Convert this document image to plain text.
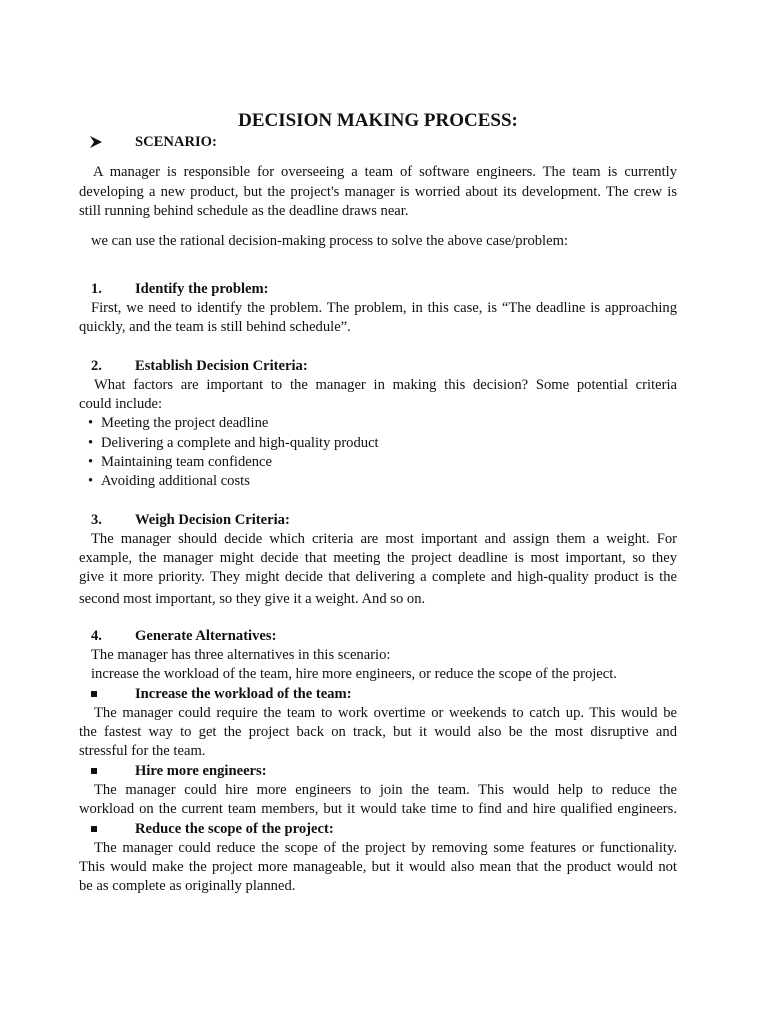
DECISION MAKING PROCESS:
SCENARIO:

A manager is responsible for overseeing a team of software engineers. The team is currently

developing a new product, but the project's manager is worried about its development. The crew is

still running behind schedule as the deadline draws near.

we can use the rational decision-making process to solve the above case/problem:

1. Identify the problem:

First, we need to identify the problem. The problem, in this case, is “The deadline is approaching

quickly, and the team is still behind schedule”.

2. Establish Decision Criteria:

What factors are important to the manager in making this decision? Some potential criteria

could include:

• Meeting the project deadline
• Delivering a complete and high-quality product
• Maintaining team confidence
• Avoiding additional costs
3. Weigh Decision Criteria:

The manager should decide which criteria are most important and assign them a weight. For

example, the manager might decide that meeting the project deadline is most important, so they

give it more priority. They might decide that delivering a complete and high-quality product is the

second most important, so they give it a weight. And so on.

4. Generate Alternatives:

The manager has three alternatives in this scenario:

increase the workload of the team, hire more engineers, or reduce the scope of the project.

Increase the workload of the team:

The manager could require the team to work overtime or weekends to catch up. This would be

the fastest way to get the project back on track, but it would also be the most disruptive and

stressful for the team.

Hire more engineers:

The manager could hire more engineers to join the team. This would help to reduce the

workload on the current team members, but it would take time to find and hire qualified engineers.

Reduce the scope of the project:

The manager could reduce the scope of the project by removing some features or functionality.

This would make the project more manageable, but it would also mean that the product would not

be as complete as originally planned.
